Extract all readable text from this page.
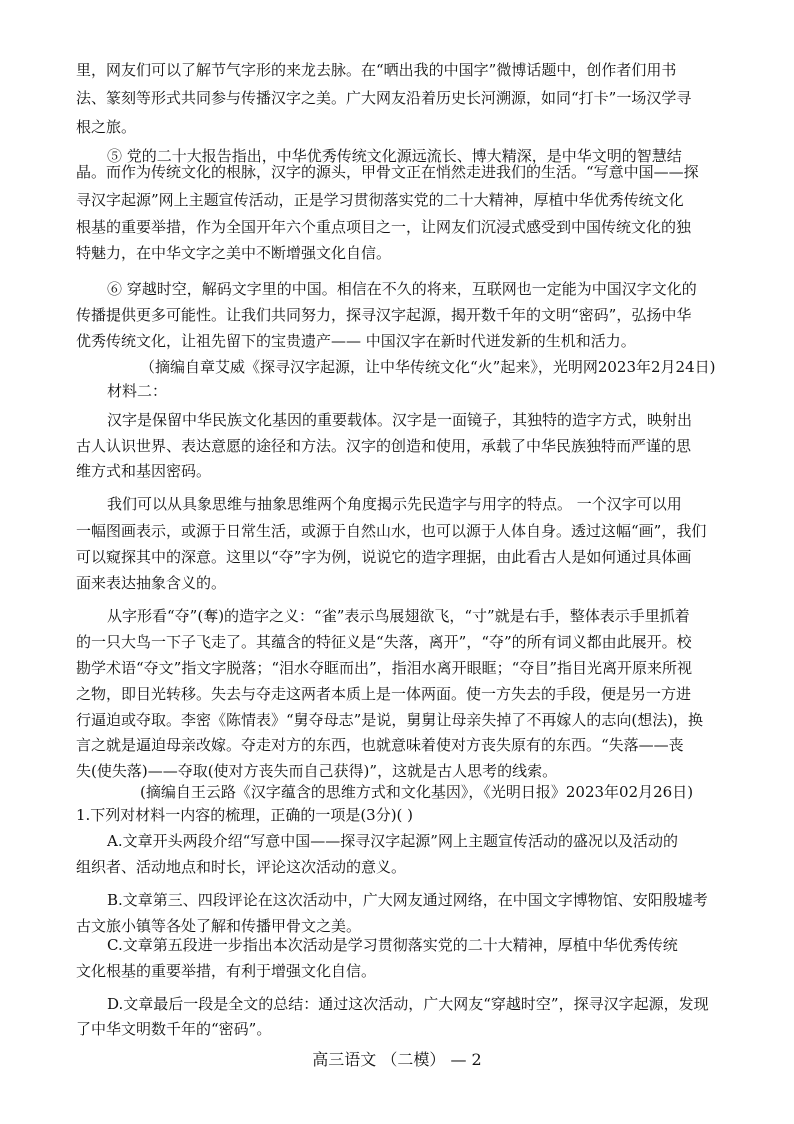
里，网友们可以了解节气字形的来龙去脉。在“晒出我的中国字”微博话题中，创作者们用书
法、篆刻等形式共同参与传播汉字之美。广大网友沿着历史长河溯源，如同“打卡”一场汉学寻
根之旅。
⑤ 党的二十大报告指出，中华优秀传统文化源远流长、博大精深，是中华文明的智慧结
晶。而作为传统文化的根脉，汉字的源头，甲骨文正在悄然走进我们的生活。“写意中国——探
寻汉字起源”网上主题宣传活动，正是学习贯彻落实党的二十大精神，厚植中华优秀传统文化
根基的重要举措，作为全国开年六个重点项目之一，让网友们沉浸式感受到中国传统文化的独
特魅力，在中华文字之美中不断增强文化自信。
⑥ 穿越时空，解码文字里的中国。相信在不久的将来，互联网也一定能为中国汉字文化的
传播提供更多可能性。让我们共同努力，探寻汉字起源，揭开数千年的文明“密码”，弘扬中华
优秀传统文化，让祖先留下的宝贵遗产—— 中国汉字在新时代迸发新的生机和活力。
（摘编自章艾威《探寻汉字起源，让中华传统文化“火”起来》，光明网2023年2月24日)
材料二：
汉字是保留中华民族文化基因的重要载体。汉字是一面镜子，其独特的造字方式，映射出
古人认识世界、表达意愿的途径和方法。汉字的创造和使用，承载了中华民族独特而严谨的思
维方式和基因密码。
我们可以从具象思维与抽象思维两个角度揭示先民造字与用字的特点。 一个汉字可以用
一幅图画表示，或源于日常生活，或源于自然山水，也可以源于人体自身。透过这幅“画”，我们
可以窥探其中的深意。这里以“夺”字为例，说说它的造字理据，由此看古人是如何通过具体画
面来表达抽象含义的。
从字形看“夺”(奪)的造字之义：“雀”表示鸟展翅欲飞，“寸”就是右手，整体表示手里抓着
的一只大鸟一下子飞走了。其蕴含的特征义是“失落，离开”，“夺”的所有词义都由此展开。校
勘学术语“夺文”指文字脱落；“泪水夺眶而出”，指泪水离开眼眶；“夺目”指目光离开原来所视
之物，即目光转移。失去与夺走这两者本质上是一体两面。使一方失去的手段，便是另一方进
行逼迫或夺取。李密《陈情表》“舅夺母志”是说，舅舅让母亲失掉了不再嫁人的志向(想法)，换
言之就是逼迫母亲改嫁。夺走对方的东西，也就意味着使对方丧失原有的东西。“失落——丧
失(使失落)——夺取(使对方丧失而自己获得)”，这就是古人思考的线索。
(摘编自王云路《汉字蕴含的思维方式和文化基因》，《光明日报》2023年02月26日)
1.下列对材料一内容的梳理，正确的一项是(3分)( )
A.文章开头两段介绍“写意中国——探寻汉字起源”网上主题宣传活动的盛况以及活动的
组织者、活动地点和时长，评论这次活动的意义。
B.文章第三、四段评论在这次活动中，广大网友通过网络，在中国文字博物馆、安阳殷墟考
古文旅小镇等各处了解和传播甲骨文之美。
C.文章第五段进一步指出本次活动是学习贯彻落实党的二十大精神，厚植中华优秀传统
文化根基的重要举措，有利于增强文化自信。
D.文章最后一段是全文的总结：通过这次活动，广大网友“穿越时空”，探寻汉字起源，发现
了中华文明数千年的“密码”。
高三语文 （二模） — 2
